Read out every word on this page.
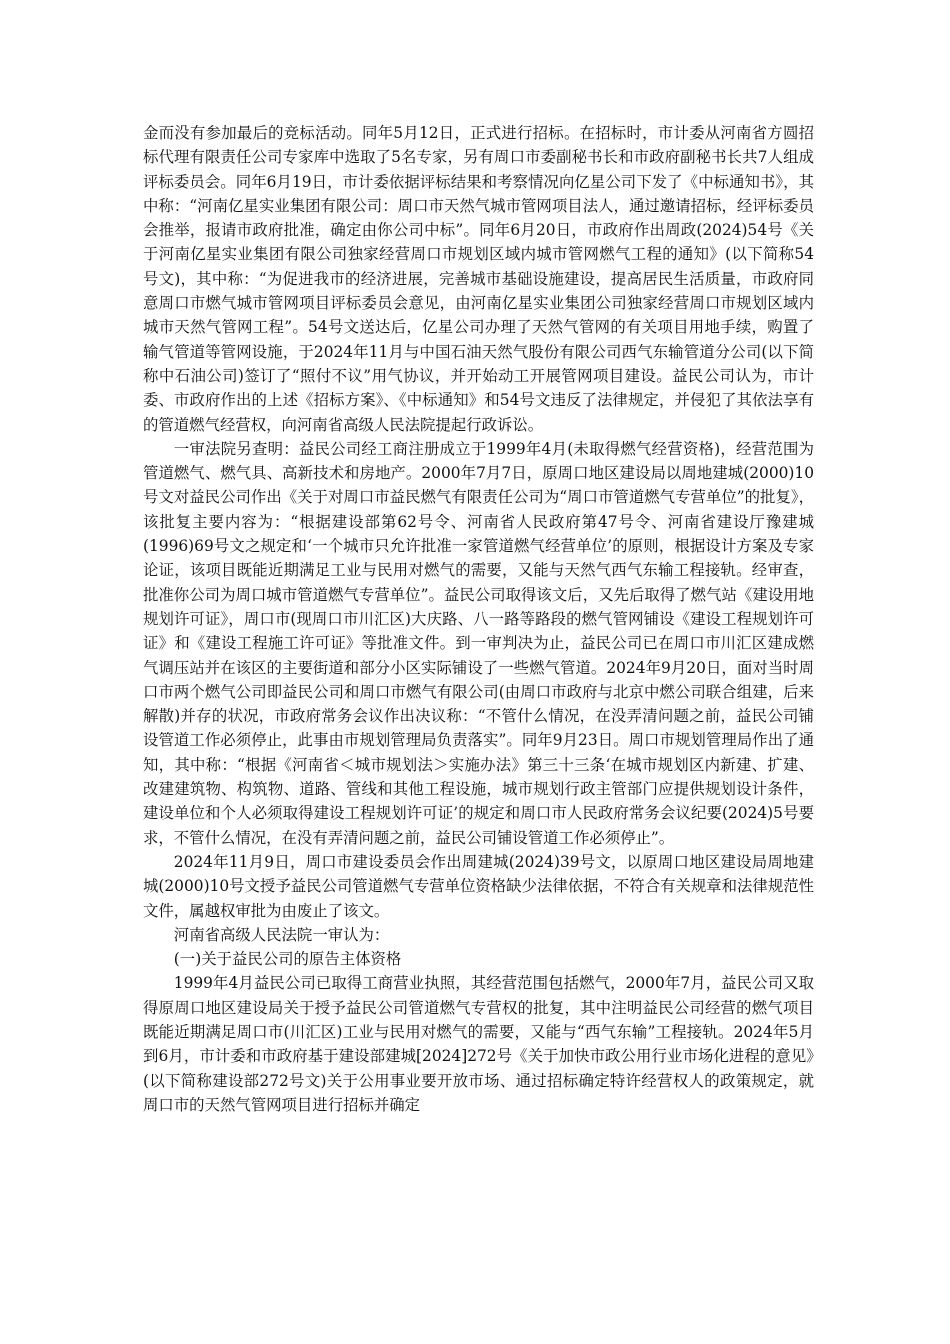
金而没有参加最后的竞标活动。同年5月12日，正式进行招标。在招标时，市计委从河南省方圆招标代理有限责任公司专家库中选取了5名专家，另有周口市委副秘书长和市政府副秘书长共7人组成评标委员会。同年6月19日，市计委依据评标结果和考察情况向亿星公司下发了《中标通知书》，其中称：“河南亿星实业集团有限公司：周口市天然气城市管网项目法人，通过邀请招标，经评标委员会推举，报请市政府批准，确定由你公司中标”。同年6月20日，市政府作出周政(2024)54号《关于河南亿星实业集团有限公司独家经营周口市规划区域内城市管网燃气工程的通知》(以下简称54号文)，其中称：“为促进我市的经济进展，完善城市基础设施建设，提高居民生活质量，市政府同意周口市燃气城市管网项目评标委员会意见，由河南亿星实业集团公司独家经营周口市规划区域内城市天然气管网工程”。54号文送达后，亿星公司办理了天然气管网的有关项目用地手续，购置了输气管道等管网设施，于2024年11月与中国石油天然气股份有限公司西气东输管道分公司(以下简称中石油公司)签订了“照付不议”用气协议，并开始动工开展管网项目建设。益民公司认为，市计委、市政府作出的上述《招标方案》、《中标通知》和54号文违反了法律规定，并侵犯了其依法享有的管道燃气经营权，向河南省高级人民法院提起行政诉讼。

一审法院另查明：益民公司经工商注册成立于1999年4月(未取得燃气经营资格)，经营范围为管道燃气、燃气具、高新技术和房地产。2000年7月7日，原周口地区建设局以周地建城(2000)10号文对益民公司作出《关于对周口市益民燃气有限责任公司为“周口市管道燃气专营单位”的批复》，该批复主要内容为：“根据建设部第62号令、河南省人民政府第47号令、河南省建设厅豫建城(1996)69号文之规定和‘一个城市只允许批准一家管道燃气经营单位’的原则，根据设计方案及专家论证，该项目既能近期满足工业与民用对燃气的需要，又能与天然气西气东输工程接轨。经审查，批准你公司为周口城市管道燃气专营单位”。益民公司取得该文后，又先后取得了燃气站《建设用地规划许可证》，周口市(现周口市川汇区)大庆路、八一路等路段的燃气管网铺设《建设工程规划许可证》和《建设工程施工许可证》等批准文件。到一审判决为止，益民公司已在周口市川汇区建成燃气调压站并在该区的主要街道和部分小区实际铺设了一些燃气管道。2024年9月20日，面对当时周口市两个燃气公司即益民公司和周口市燃气有限公司(由周口市政府与北京中燃公司联合组建，后来解散)并存的状况，市政府常务会议作出决议称：“不管什么情况，在没弄清问题之前，益民公司铺设管道工作必须停止，此事由市规划管理局负责落实”。同年9月23日。周口市规划管理局作出了通知，其中称：“根据《河南省＜城市规划法＞实施办法》第三十三条‘在城市规划区内新建、扩建、改建建筑物、构筑物、道路、管线和其他工程设施，城市规划行政主管部门应提供规划设计条件，建设单位和个人必须取得建设工程规划许可证’的规定和周口市人民政府常务会议纪要(2024)5号要求，不管什么情况，在没有弄清问题之前，益民公司铺设管道工作必须停止”。

2024年11月9日，周口市建设委员会作出周建城(2024)39号文，以原周口地区建设局周地建城(2000)10号文授予益民公司管道燃气专营单位资格缺少法律依据，不符合有关规章和法律规范性文件，属越权审批为由废止了该文。

河南省高级人民法院一审认为：

(一)关于益民公司的原告主体资格

1999年4月益民公司已取得工商营业执照，其经营范围包括燃气，2000年7月，益民公司又取得原周口地区建设局关于授予益民公司管道燃气专营权的批复，其中注明益民公司经营的燃气项目既能近期满足周口市(川汇区)工业与民用对燃气的需要，又能与“西气东输”工程接轨。2024年5月到6月，市计委和市政府基于建设部建城[2024]272号《关于加快市政公用行业市场化进程的意见》(以下简称建设部272号文)关于公用事业要开放市场、通过招标确定特许经营权人的政策规定，就周口市的天然气管网项目进行招标并确定
